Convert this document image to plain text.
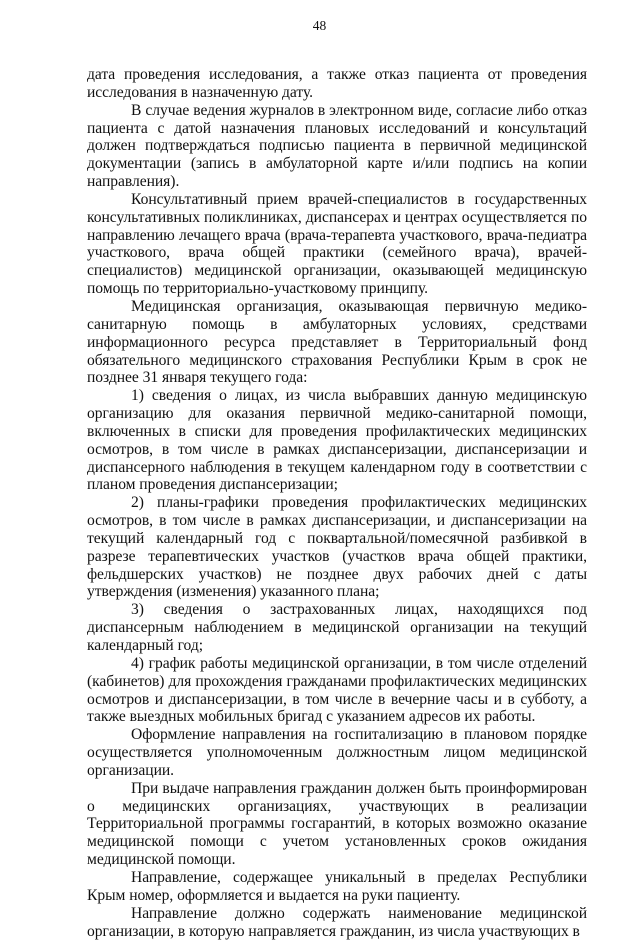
48

дата проведения исследования, а также отказ пациента от проведения исследования в назначенную дату.

В случае ведения журналов в электронном виде, согласие либо отказ пациента с датой назначения плановых исследований и консультаций должен подтверждаться подписью пациента в первичной медицинской документации (запись в амбулаторной карте и/или подпись на копии направления).

Консультативный прием врачей-специалистов в государственных консультативных поликлиниках, диспансерах и центрах осуществляется по направлению лечащего врача (врача-терапевта участкового, врача-педиатра участкового, врача общей практики (семейного врача), врачей-специалистов) медицинской организации, оказывающей медицинскую помощь по территориально-участковому принципу.

Медицинская организация, оказывающая первичную медико-санитарную помощь в амбулаторных условиях, средствами информационного ресурса представляет в Территориальный фонд обязательного медицинского страхования Республики Крым в срок не позднее 31 января текущего года:

1) сведения о лицах, из числа выбравших данную медицинскую организацию для оказания первичной медико-санитарной помощи, включенных в списки для проведения профилактических медицинских осмотров, в том числе в рамках диспансеризации, диспансеризации и диспансерного наблюдения в текущем календарном году в соответствии с планом проведения диспансеризации;

2) планы-графики проведения профилактических медицинских осмотров, в том числе в рамках диспансеризации, и диспансеризации на текущий календарный год с поквартальной/помесячной разбивкой в разрезе терапевтических участков (участков врача общей практики, фельдшерских участков) не позднее двух рабочих дней с даты утверждения (изменения) указанного плана;

3) сведения о застрахованных лицах, находящихся под диспансерным наблюдением в медицинской организации на текущий календарный год;

4) график работы медицинской организации, в том числе отделений (кабинетов) для прохождения гражданами профилактических медицинских осмотров и диспансеризации, в том числе в вечерние часы и в субботу, а также выездных мобильных бригад с указанием адресов их работы.

Оформление направления на госпитализацию в плановом порядке осуществляется уполномоченным должностным лицом медицинской организации.

При выдаче направления гражданин должен быть проинформирован о медицинских организациях, участвующих в реализации Территориальной программы госгарантий, в которых возможно оказание медицинской помощи с учетом установленных сроков ожидания медицинской помощи.

Направление, содержащее уникальный в пределах Республики Крым номер, оформляется и выдается на руки пациенту.

Направление должно содержать наименование медицинской организации, в которую направляется гражданин, из числа участвующих в
